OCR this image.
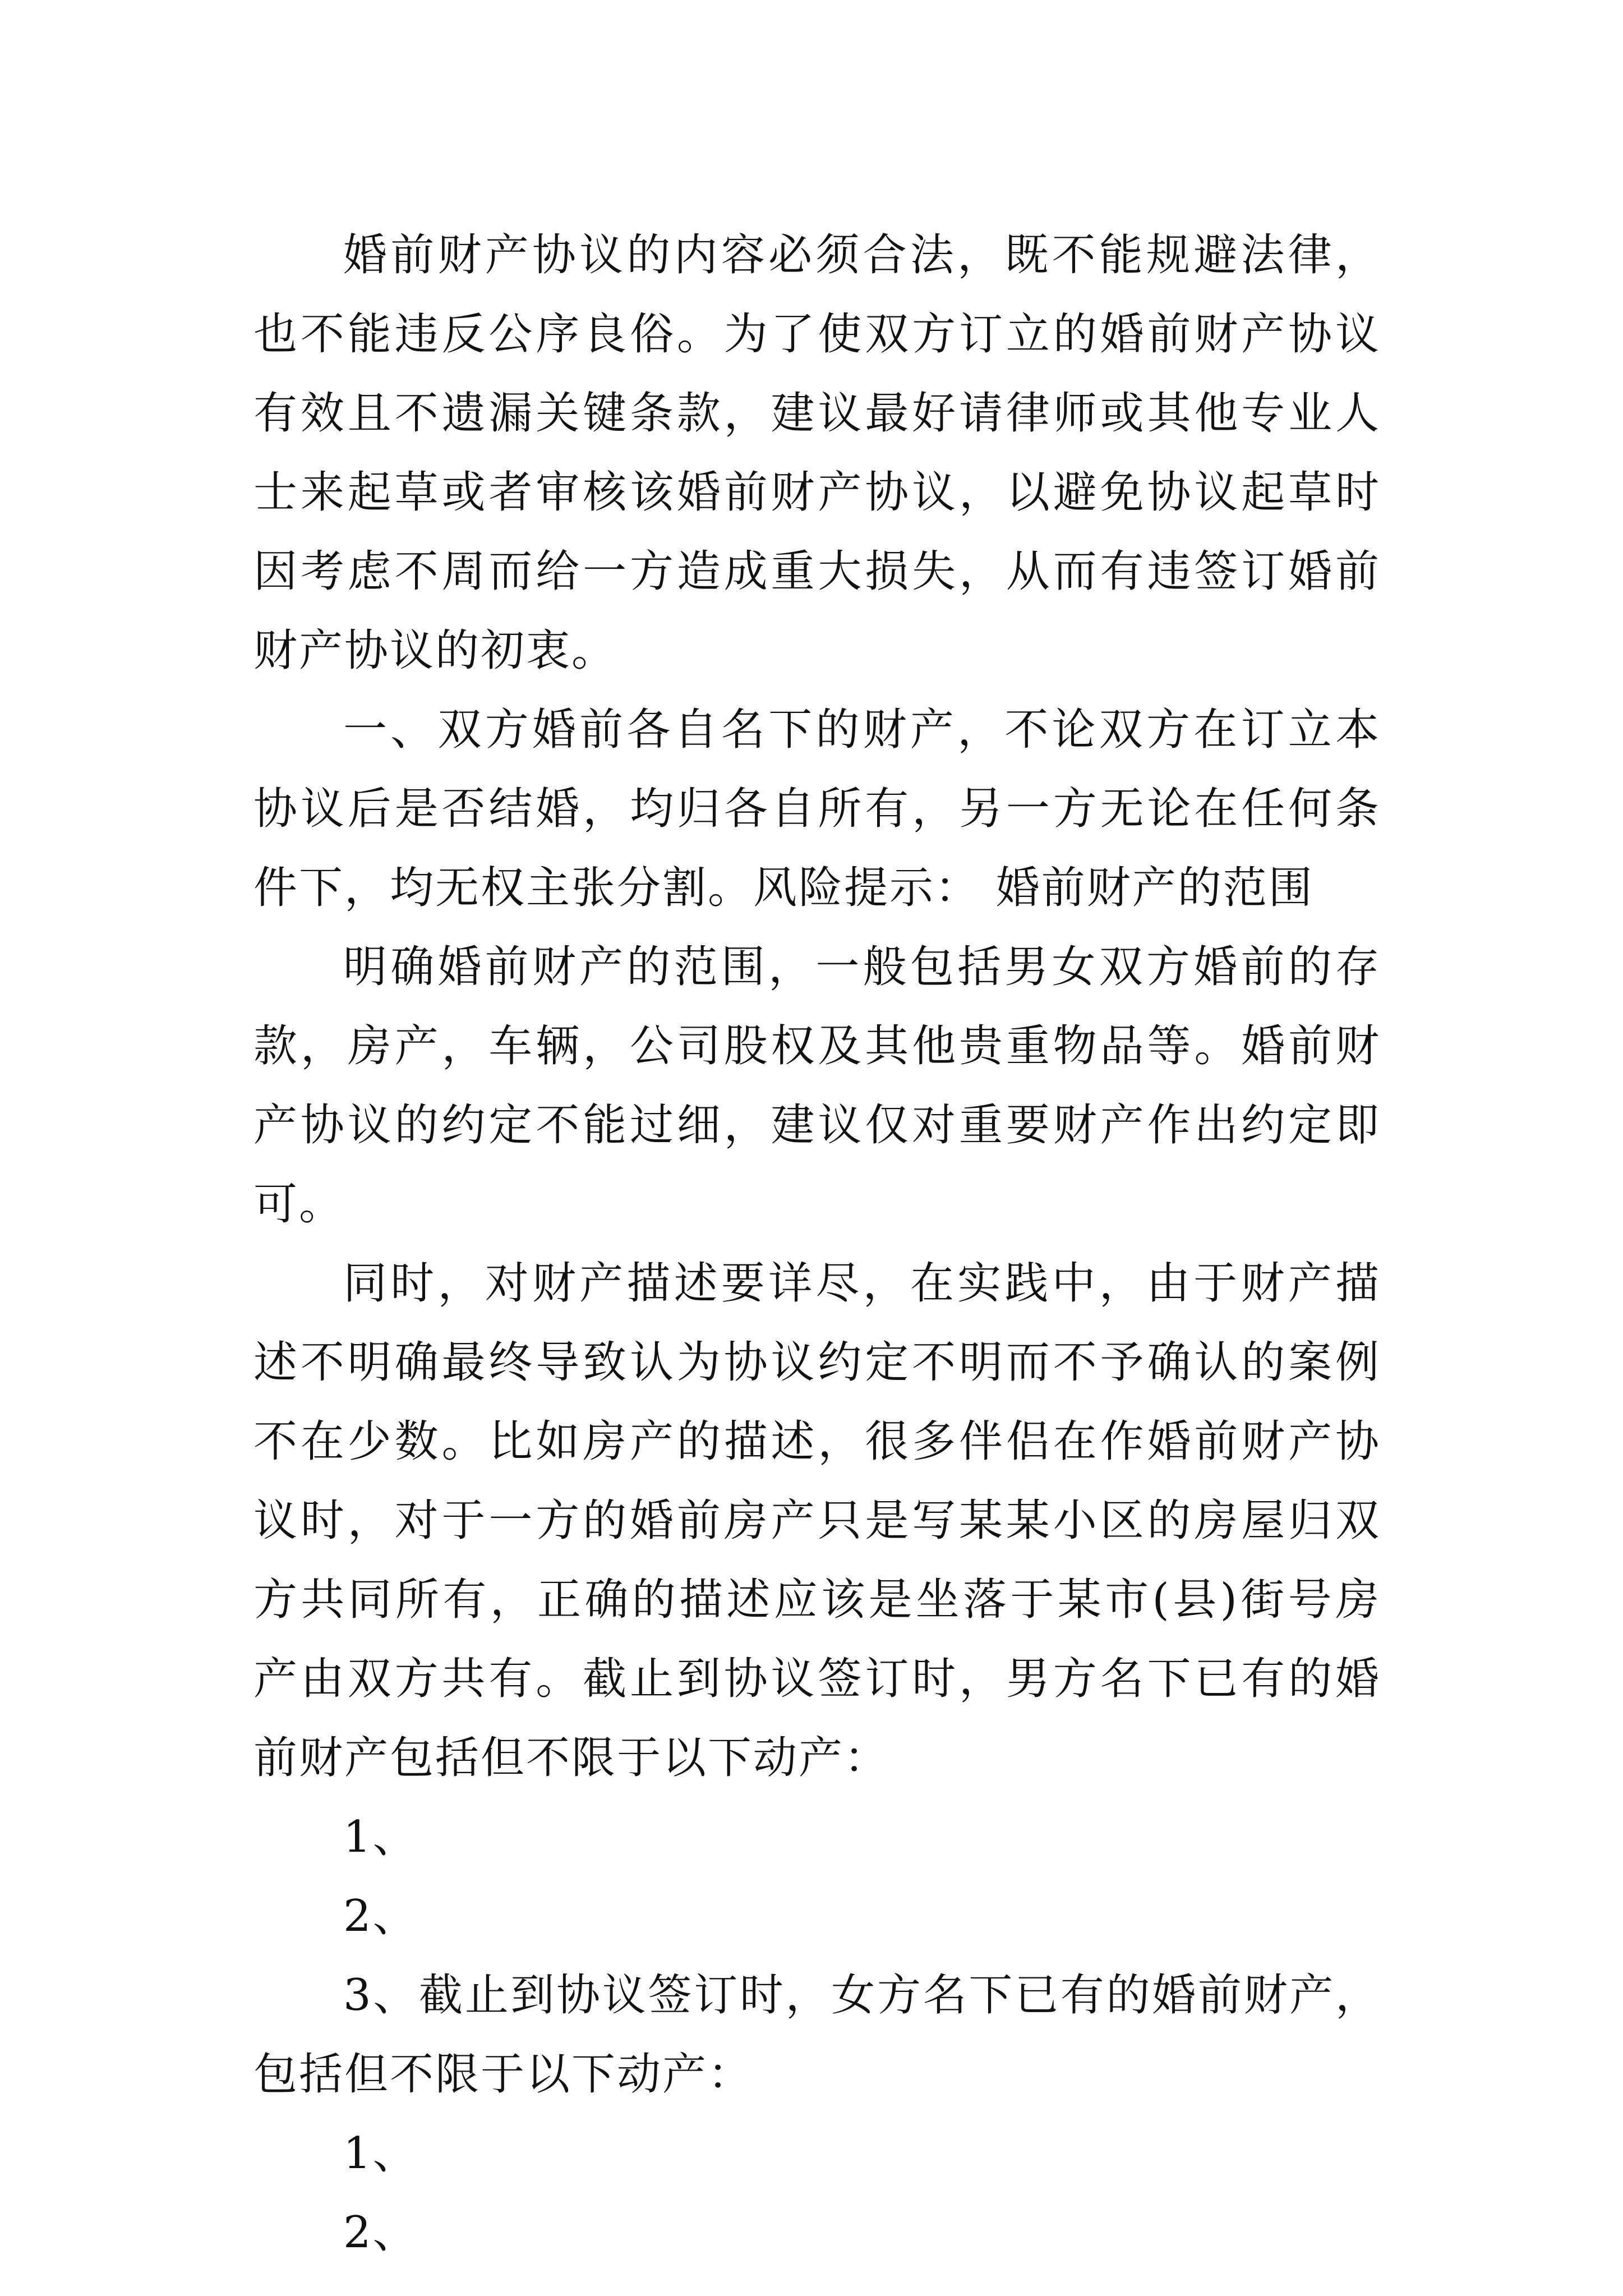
婚前财产协议的内容必须合法，既不能规避法律，也不能违反公序良俗。为了使双方订立的婚前财产协议有效且不遗漏关键条款，建议最好请律师或其他专业人士来起草或者审核该婚前财产协议，以避免协议起草时因考虑不周而给一方造成重大损失，从而有违签订婚前财产协议的初衷。

一、双方婚前各自名下的财产，不论双方在订立本协议后是否结婚，均归各自所有，另一方无论在任何条件下，均无权主张分割。风险提示： 婚前财产的范围

明确婚前财产的范围，一般包括男女双方婚前的存款，房产，车辆，公司股权及其他贵重物品等。婚前财产协议的约定不能过细，建议仅对重要财产作出约定即可。

同时，对财产描述要详尽，在实践中，由于财产描述不明确最终导致认为协议约定不明而不予确认的案例不在少数。比如房产的描述，很多伴侣在作婚前财产协议时，对于一方的婚前房产只是写某某小区的房屋归双方共同所有，正确的描述应该是坐落于某市(县)街号房产由双方共有。截止到协议签订时，男方名下已有的婚前财产包括但不限于以下动产：

1、

2、

3、截止到协议签订时，女方名下已有的婚前财产，包括但不限于以下动产：

1、

2、
